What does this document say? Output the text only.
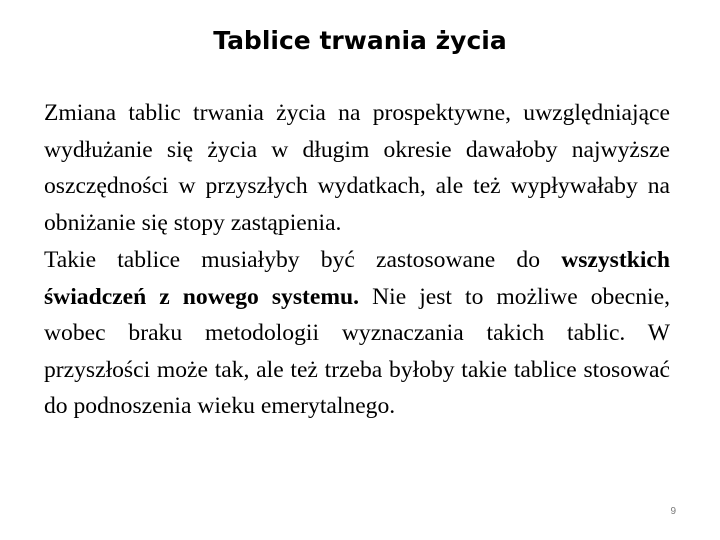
Tablice trwania życia

Zmiana tablic trwania życia na prospektywne, uwzględniające wydłużanie się życia w długim okresie dawałoby najwyższe oszczędności w przyszłych wydatkach, ale też wypływałaby na obniżanie się stopy zastąpienia.

Takie tablice musiałyby być zastosowane do wszystkich świadczeń z nowego systemu. Nie jest to możliwe obecnie, wobec braku metodologii wyznaczania takich tablic. W przyszłości może tak, ale też trzeba byłoby takie tablice stosować do podnoszenia wieku emerytalnego.

9
